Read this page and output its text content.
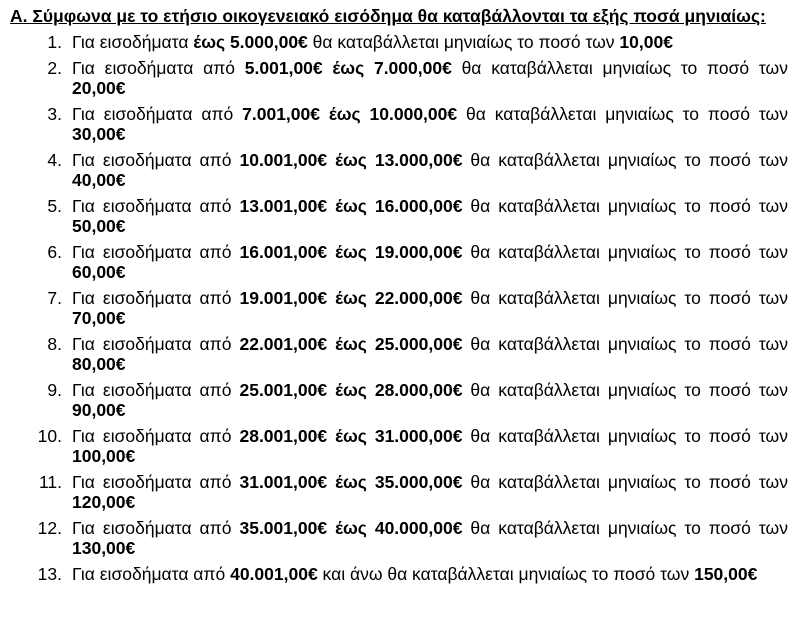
Α. Σύμφωνα με το ετήσιο οικογενειακό εισόδημα θα καταβάλλονται τα εξής ποσά μηνιαίως:
1. Για εισοδήματα έως 5.000,00€ θα καταβάλλεται μηνιαίως το ποσό των 10,00€
2. Για εισοδήματα από 5.001,00€ έως 7.000,00€ θα καταβάλλεται μηνιαίως το ποσό των 20,00€
3. Για εισοδήματα από 7.001,00€ έως 10.000,00€ θα καταβάλλεται μηνιαίως το ποσό των 30,00€
4. Για εισοδήματα από 10.001,00€ έως 13.000,00€ θα καταβάλλεται μηνιαίως το ποσό των 40,00€
5. Για εισοδήματα από 13.001,00€ έως 16.000,00€ θα καταβάλλεται μηνιαίως το ποσό των 50,00€
6. Για εισοδήματα από 16.001,00€ έως 19.000,00€ θα καταβάλλεται μηνιαίως το ποσό των 60,00€
7. Για εισοδήματα από 19.001,00€ έως 22.000,00€ θα καταβάλλεται μηνιαίως το ποσό των 70,00€
8. Για εισοδήματα από 22.001,00€ έως 25.000,00€ θα καταβάλλεται μηνιαίως το ποσό των 80,00€
9. Για εισοδήματα από 25.001,00€ έως 28.000,00€ θα καταβάλλεται μηνιαίως το ποσό των 90,00€
10. Για εισοδήματα από 28.001,00€ έως 31.000,00€ θα καταβάλλεται μηνιαίως το ποσό των 100,00€
11. Για εισοδήματα από 31.001,00€ έως 35.000,00€ θα καταβάλλεται μηνιαίως το ποσό των 120,00€
12. Για εισοδήματα από 35.001,00€ έως 40.000,00€ θα καταβάλλεται μηνιαίως το ποσό των 130,00€
13. Για εισοδήματα από 40.001,00€ και άνω θα καταβάλλεται μηνιαίως το ποσό των 150,00€
